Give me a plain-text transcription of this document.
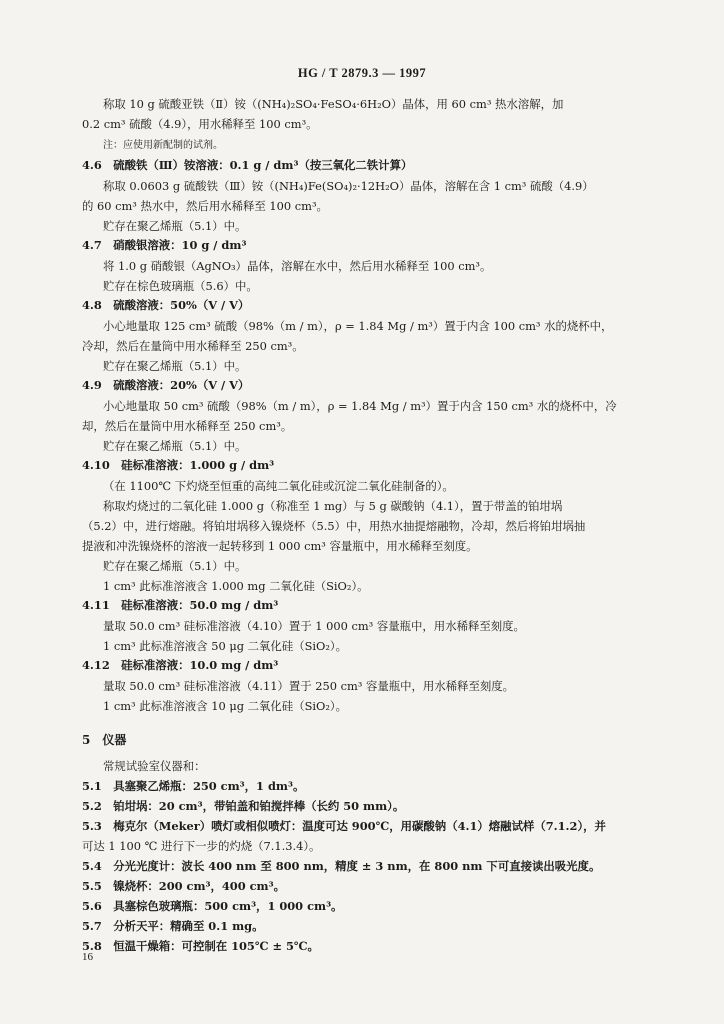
HG / T 2879.3 — 1997
称取 10 g 硫酸亚铁（Ⅱ）铵（(NH₄)₂SO₄·FeSO₄·6H₂O）晶体，用 60 cm³ 热水溶解，加
0.2 cm³ 硫酸（4.9），用水稀释至 100 cm³。
注：应使用新配制的试剂。
4.6　硫酸铁（Ⅲ）铵溶液：0.1 g / dm³（按三氧化二铁计算）
称取 0.0603 g 硫酸铁（Ⅲ）铵（(NH₄)Fe(SO₄)₂·12H₂O）晶体，溶解在含 1 cm³ 硫酸（4.9）
的 60 cm³ 热水中，然后用水稀释至 100 cm³。
贮存在聚乙烯瓶（5.1）中。
4.7　硝酸银溶液：10 g / dm³
将 1.0 g 硝酸银（AgNO₃）晶体，溶解在水中，然后用水稀释至 100 cm³。
贮存在棕色玻璃瓶（5.6）中。
4.8　硫酸溶液：50%（V / V）
小心地量取 125 cm³ 硫酸（98%（m / m），ρ = 1.84 Mg / m³）置于内含 100 cm³ 水的烧杯中，
冷却，然后在量筒中用水稀释至 250 cm³。
贮存在聚乙烯瓶（5.1）中。
4.9　硫酸溶液：20%（V / V）
小心地量取 50 cm³ 硫酸（98%（m / m），ρ = 1.84 Mg / m³）置于内含 150 cm³ 水的烧杯中，冷
却，然后在量筒中用水稀释至 250 cm³。
贮存在聚乙烯瓶（5.1）中。
4.10　硅标准溶液：1.000 g / dm³
（在 1100℃ 下灼烧至恒重的高纯二氧化硅或沉淀二氧化硅制备的）。
称取灼烧过的二氧化硅 1.000 g（称准至 1 mg）与 5 g 碳酸钠（4.1），置于带盖的铂坩埚
（5.2）中，进行熔融。将铂坩埚移入镍烧杯（5.5）中，用热水抽提熔融物，冷却，然后将铂坩埚抽
提液和冲洗镍烧杯的溶液一起转移到 1 000 cm³ 容量瓶中，用水稀释至刻度。
贮存在聚乙烯瓶（5.1）中。
1 cm³ 此标准溶液含 1.000 mg 二氧化硅（SiO₂）。
4.11　硅标准溶液：50.0 mg / dm³
量取 50.0 cm³ 硅标准溶液（4.10）置于 1 000 cm³ 容量瓶中，用水稀释至刻度。
1 cm³ 此标准溶液含 50 μg 二氧化硅（SiO₂）。
4.12　硅标准溶液：10.0 mg / dm³
量取 50.0 cm³ 硅标准溶液（4.11）置于 250 cm³ 容量瓶中，用水稀释至刻度。
1 cm³ 此标准溶液含 10 μg 二氧化硅（SiO₂）。
5　仪器
常规试验室仪器和：
5.1　具塞聚乙烯瓶：250 cm³，1 dm³。
5.2　铂坩埚：20 cm³，带铂盖和铂搅拌棒（长约 50 mm）。
5.3　梅克尔（Meker）喷灯或相似喷灯：温度可达 900℃，用碳酸钠（4.1）熔融试样（7.1.2），并
可达 1 100 ℃ 进行下一步的灼烧（7.1.3.4）。
5.4　分光光度计：波长 400 nm 至 800 nm，精度 ± 3 nm，在 800 nm 下可直接读出吸光度。
5.5　镍烧杯：200 cm³，400 cm³。
5.6　具塞棕色玻璃瓶：500 cm³，1 000 cm³。
5.7　分析天平：精确至 0.1 mg。
5.8　恒温干燥箱：可控制在 105℃ ± 5℃。
16
